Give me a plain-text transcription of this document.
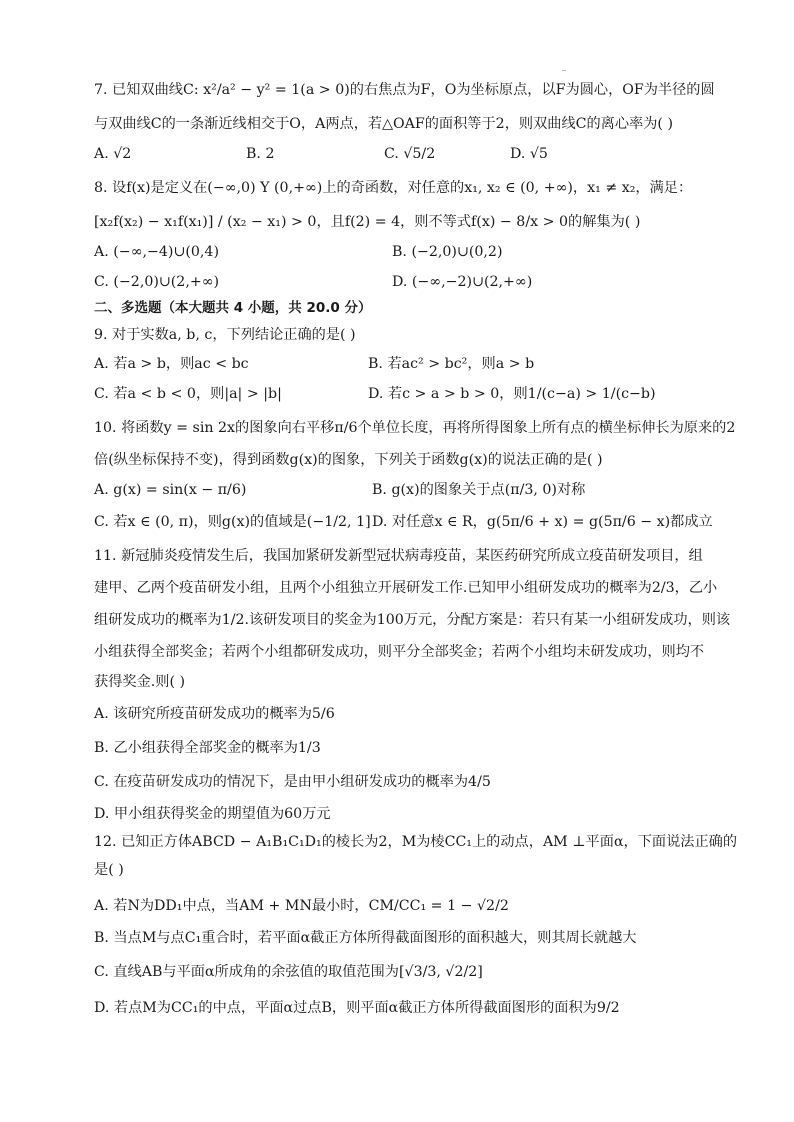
7. 已知双曲线C: x²/a² − y² = 1(a > 0)的右焦点为F，O为坐标原点，以F为圆心，OF为半径的圆
与双曲线C的一条渐近线相交于O，A两点，若△OAF的面积等于2，则双曲线C的离心率为( )
A. √2	B. 2	C. √5/2	D. √5
8. 设f(x)是定义在(−∞,0) Y (0,+∞)上的奇函数，对任意的x₁, x₂ ∈ (0, +∞)，x₁ ≠ x₂，满足：
[x₂f(x₂) − x₁f(x₁)] / (x₂ − x₁) > 0，且f(2) = 4，则不等式f(x) − 8/x > 0的解集为( )
A. (−∞,−4)∪(0,4)	B. (−2,0)∪(0,2)
C. (−2,0)∪(2,+∞)	D. (−∞,−2)∪(2,+∞)
二、多选题（本大题共 4 小题，共 20.0 分）
9. 对于实数a, b, c，下列结论正确的是( )
A. 若a > b，则ac < bc	B. 若ac² > bc²，则a > b
C. 若a < b < 0，则|a| > |b|	D. 若c > a > b > 0，则1/(c−a) > 1/(c−b)
10. 将函数y = sin 2x的图象向右平移π/6个单位长度，再将所得图象上所有点的横坐标伸长为原来的2
倍(纵坐标保持不变)，得到函数g(x)的图象，下列关于函数g(x)的说法正确的是( )
A. g(x) = sin(x − π/6)	B. g(x)的图象关于点(π/3, 0)对称
C. 若x ∈ (0, π)，则g(x)的值域是(−1/2, 1] D. 对任意x ∈ R，g(5π/6 + x) = g(5π/6 − x)都成立
11. 新冠肺炎疫情发生后，我国加紧研发新型冠状病毒疫苗，某医药研究所成立疫苗研发项目，组
建甲、乙两个疫苗研发小组，且两个小组独立开展研发工作.已知甲小组研发成功的概率为2/3，乙小
组研发成功的概率为1/2.该研发项目的奖金为100万元，分配方案是：若只有某一小组研发成功，则该
小组获得全部奖金；若两个小组都研发成功，则平分全部奖金；若两个小组均未研发成功，则均不
获得奖金.则( )
A. 该研究所疫苗研发成功的概率为5/6
B. 乙小组获得全部奖金的概率为1/3
C. 在疫苗研发成功的情况下，是由甲小组研发成功的概率为4/5
D. 甲小组获得奖金的期望值为60万元
12. 已知正方体ABCD − A₁B₁C₁D₁的棱长为2，M为棱CC₁上的动点，AM ⊥平面α，下面说法正确的
是( )
A. 若N为DD₁中点，当AM + MN最小时，CM/CC₁ = 1 − √2/2
B. 当点M与点C₁重合时，若平面α截正方体所得截面图形的面积越大，则其周长就越大
C. 直线AB与平面α所成角的余弦值的取值范围为[√3/3, √2/2]
D. 若点M为CC₁的中点，平面α过点B，则平面α截正方体所得截面图形的面积为9/2
